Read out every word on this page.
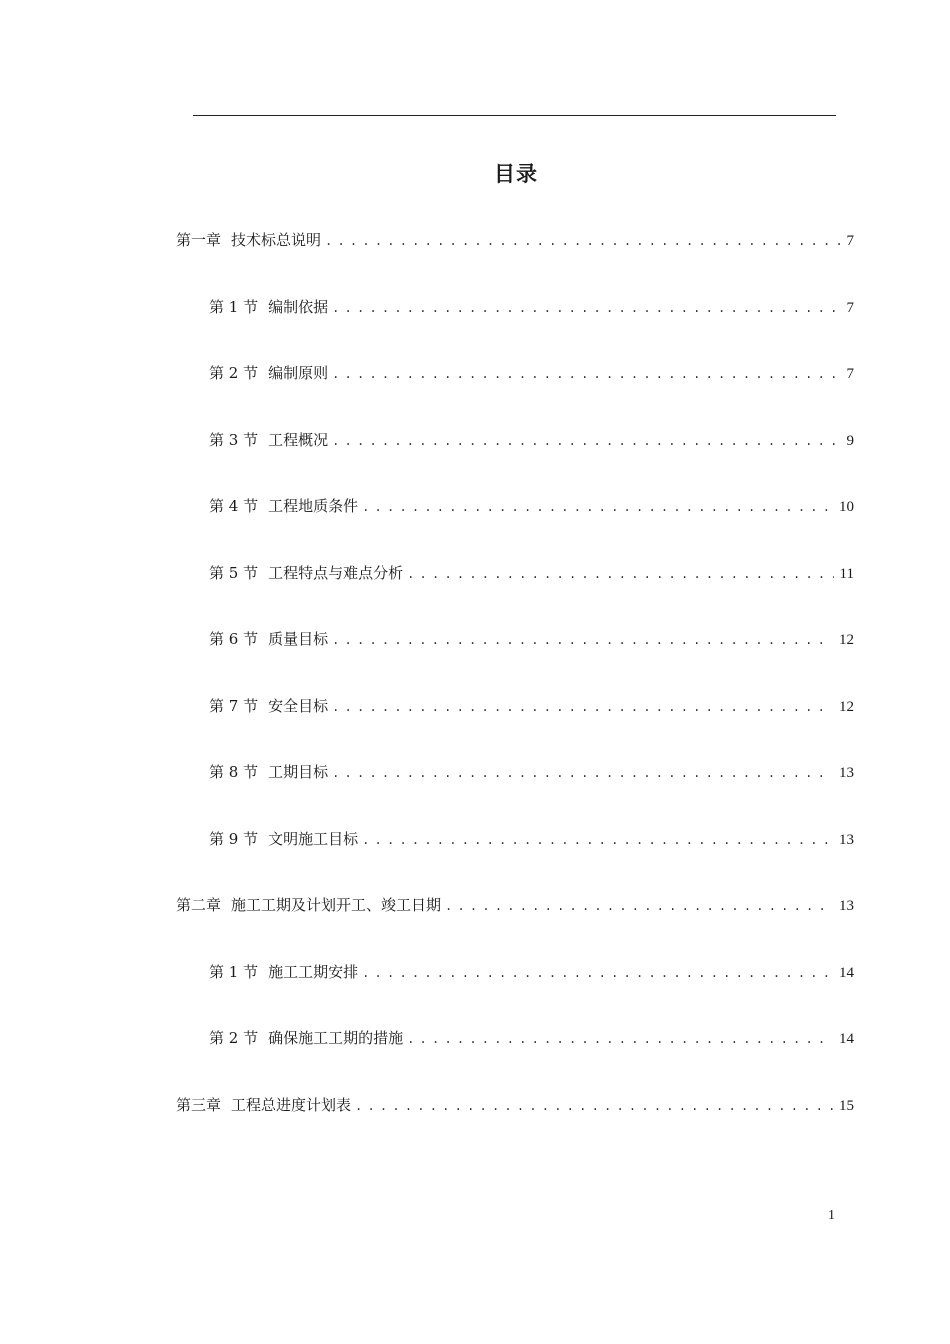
目录
第一章 技术标总说明 . . .	7
第 1 节 编制依据 . . .	7
第 2 节 编制原则 . . .	7
第 3 节 工程概况 . . .	9
第 4 节 工程地质条件 . . .	10
第 5 节 工程特点与难点分析 . . .	11
第 6 节 质量目标 . . .	12
第 7 节 安全目标 . . .	12
第 8 节 工期目标 . . .	13
第 9 节 文明施工目标 . . .	13
第二章 施工工期及计划开工、竣工日期 . . .	13
第 1 节 施工工期安排 . . .	14
第 2 节 确保施工工期的措施 . . .	14
第三章 工程总进度计划表 . . .	15
1
